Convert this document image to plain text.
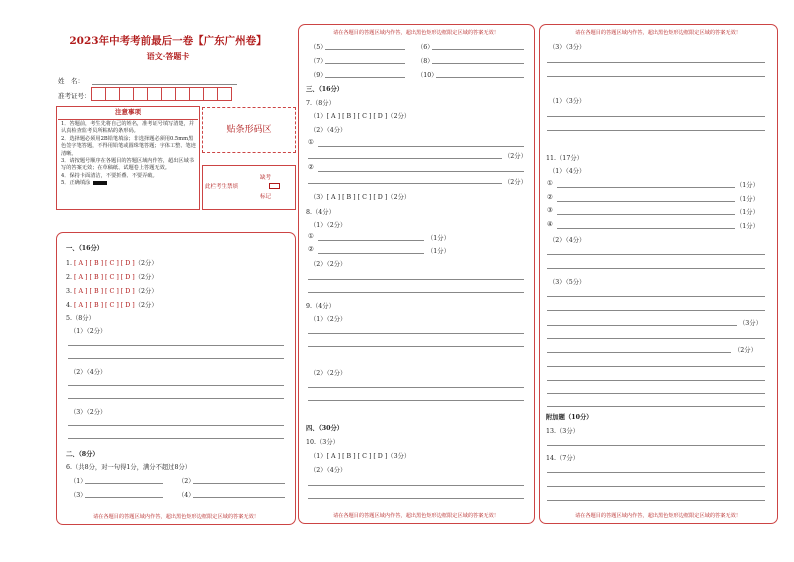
2023年中考考前最后一卷【广东广州卷】
语文·答题卡
姓　名：
准考证号：
注意事项
1．答题前，考生先将自己的姓名，准考证号填写清楚，并认真检查监考员所粘贴的条形码。
2．选择题必须用2B铅笔填涂；非选择题必须用0.5mm黑色签字笔答题，不得用铅笔或圆珠笔答题；字体工整、笔迹清晰。
3．请按题号顺序在各题目的答题区域内作答，超出区域书写的答案无效；在草稿纸、试题卷上答题无效。
4．保持卡面清洁，不要折叠、不要弄破。
5．正确填涂
贴条形码区
此栏考生禁填
缺考
标记
一、（16分）
1. [ A ] [ B ] [ C ] [ D ]（2分）
2. [ A ] [ B ] [ C ] [ D ]（2分）
3. [ A ] [ B ] [ C ] [ D ]（2分）
4. [ A ] [ B ] [ C ] [ D ]（2分）
5.（8分）
（1）（2分）
（2）（4分）
（3）（2分）
二、（8分）
6.（共8分，对一句得1分，满分不超过8分）
（1）	（2）
（3）	（4）
请在各题目的答题区域内作答，超出黑色矩形边框限定区域的答案无效！
请在各题目的答题区域内作答，超出黑色矩形边框限定区域的答案无效！
（5）	（6）
（7）	（8）
（9）	（10）
三、（16分）
7.（8分）
（1）[ A ] [ B ] [ C ] [ D ]（2分）
（2）（4分）
①
（2分）
②
（2分）
（3）[ A ] [ B ] [ C ] [ D ]（2分）
8.（4分）
（1）（2分）
①	（1分）
②	（1分）
（2）（2分）
9.（4分）
（1）（2分）
（2）（2分）
四、（30分）
10.（3分）
（1）[ A ] [ B ] [ C ] [ D ]（3分）
（2）（4分）
请在各题目的答题区域内作答，超出黑色矩形边框限定区域的答案无效！
请在各题目的答题区域内作答，超出黑色矩形边框限定区域的答案无效！
（3）（3分）
（1）（3分）
11.（17分）
（1）（4分）
①	（1分）
②	（1分）
③	（1分）
④	（1分）
（2）（4分）
（3）（5分）
（3分）
（2分）
附加题（10分）
13.（3分）
14.（7分）
请在各题目的答题区域内作答，超出黑色矩形边框限定区域的答案无效！
